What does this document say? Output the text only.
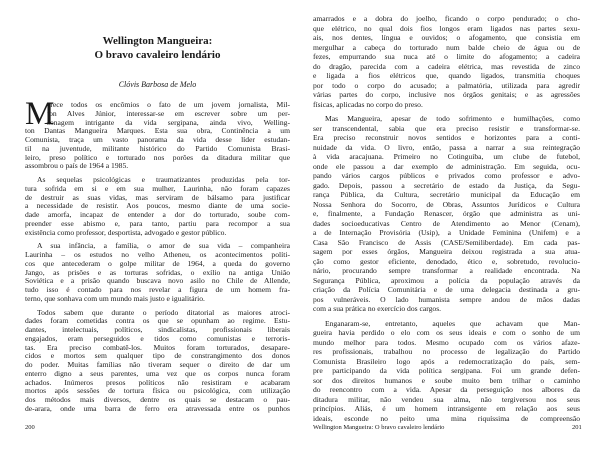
Wellington Mangueira:
O bravo cavaleiro lendário
Clóvis Barbosa de Melo
M
erece todos os encômios o fato de um jovem jornalista, Mil-
ton Alves Júnior, interessar-se em escrever sobre um per-
sonagem intrigante da vida sergipana, ainda vivo, Welling-
ton Dantas Mangueira Marques. Esta sua obra, Continência a um
Comunista, traça um vasto panorama da vida desse líder estudan-
til na juventude, militante histórico do Partido Comunista Brasi-
leiro, preso político e torturado nos porões da ditadura militar que
assombrou o país de 1964 a 1985.
As sequelas psicológicas e traumatizantes produzidas pela tor-
tura sofrida em si e em sua mulher, Laurinha, não foram capazes
de destruir as suas vidas, mas serviram de bálsamo para justificar
a necessidade de resistir. Aos poucos, mesmo diante de uma socie-
dade amorfa, incapaz de entender a dor do torturado, soube com-
preender esse abismo e, para tanto, partiu para recompor a sua
existência como professor, desportista, advogado e gestor público.
A sua infância, a família, o amor de sua vida – companheira
Laurinha – os estudos no velho Atheneu, os acontecimentos políti-
cos que antecederam o golpe militar de 1964, a queda do governo
Jango, as prisões e as torturas sofridas, o exílio na antiga União
Soviética e a prisão quando buscava novo asilo no Chile de Allende,
tudo isso é contado para nos revelar a figura de um homem fra-
terno, que sonhava com um mundo mais justo e igualitário.
Todos sabem que durante o período ditatorial as maiores atroci-
dades foram cometidas contra os que se opunham ao regime. Estu-
dantes, intelectuais, políticos, sindicalistas, profissionais liberais
engajados, eram perseguidos e tidos como comunistas e terroris-
tas. Era preciso combatê-los. Muitos foram torturados, desapare-
cidos e mortos sem qualquer tipo de constrangimento dos donos
do poder. Muitas famílias não tiveram sequer o direito de dar um
enterro digno a seus parentes, uma vez que os corpos nunca foram
achados. Inúmeros presos políticos não resistiram e acabaram
mortos após sessões de tortura física ou psicológica, com utilização
dos métodos mais diversos, dentre os quais se destacam o pau-
de-arara, onde uma barra de ferro era atravessada entre os punhos
200
amarrados e a dobra do joelho, ficando o corpo pendurado; o cho-
que elétrico, no qual dois fios longos eram ligados nas partes sexu-
ais, nos dentes, língua e ouvidos; o afogamento, que consistia em
mergulhar a cabeça do torturado num balde cheio de água ou de
fezes, empurrando sua nuca até o limite do afogamento; a cadeira
do dragão, parecida com a cadeira elétrica, mas revestida de zinco
e ligada a fios elétricos que, quando ligados, transmitia choques
por todo o corpo do acusado; a palmatória, utilizada para agredir
várias partes do corpo, inclusive nos órgãos genitais; e as agressões
físicas, aplicadas no corpo do preso.
Mas Mangueira, apesar de todo sofrimento e humilhações, como
ser transcendental, sabia que era preciso resistir e transformar-se.
Era preciso reconstruir novos sentidos e horizontes para a conti-
nuidade da vida. O livro, então, passa a narrar a sua reintegração
à vida aracajuana. Primeiro no Cotinguiba, um clube de futebol,
onde ele passou a dar exemplo de administração. Em seguida, ocu-
pando vários cargos públicos e privados como professor e advo-
gado. Depois, passou a secretário de estado da Justiça, da Segu-
rança Pública, da Cultura, secretário municipal da Educação em
Nossa Senhora do Socorro, de Obras, Assuntos Jurídicos e Cultura
e, finalmente, a Fundação Renascer, órgão que administra as uni-
dades socioeducativas Centro de Atendimento ao Menor (Cenam),
a de Internação Provisória (Usip), a Unidade Feminina (Unifem) e a
Casa São Francisco de Assis (CASE/Semiliberdade). Em cada pas-
sagem por esses órgãos, Mangueira deixou registrada a sua atua-
ção como gestor eficiente, denodado, ético e, sobretudo, revolucio-
nário, procurando sempre transformar a realidade encontrada. Na
Segurança Pública, aproximou a polícia da população através da
criação da Polícia Comunitária e de uma delegacia destinada a gru-
pos vulneráveis. O lado humanista sempre andou de mãos dadas
com a sua prática no exercício dos cargos.
Enganaram-se, entretanto, aqueles que achavam que Man-
gueira havia perdido o elo com os seus ideais e com o sonho de um
mundo melhor para todos. Mesmo ocupado com os vários afaze-
res profissionais, trabalhou no processo de legalização do Partido
Comunista Brasileiro logo após a redemocratização do país, sem-
pre participando da vida política sergipana. Foi um grande defen-
sor dos direitos humanos e soube muito bem trilhar o caminho
do reencontro com a vida. Apesar da perseguição nos albores da
ditadura militar, não vendeu sua alma, não tergiversou nos seus
princípios. Aliás, é um homem intransigente em relação aos seus
ideais, esconde no peito uma mina riquíssima de compreensão
Wellington Mangueira: O bravo cavaleiro lendário	201
